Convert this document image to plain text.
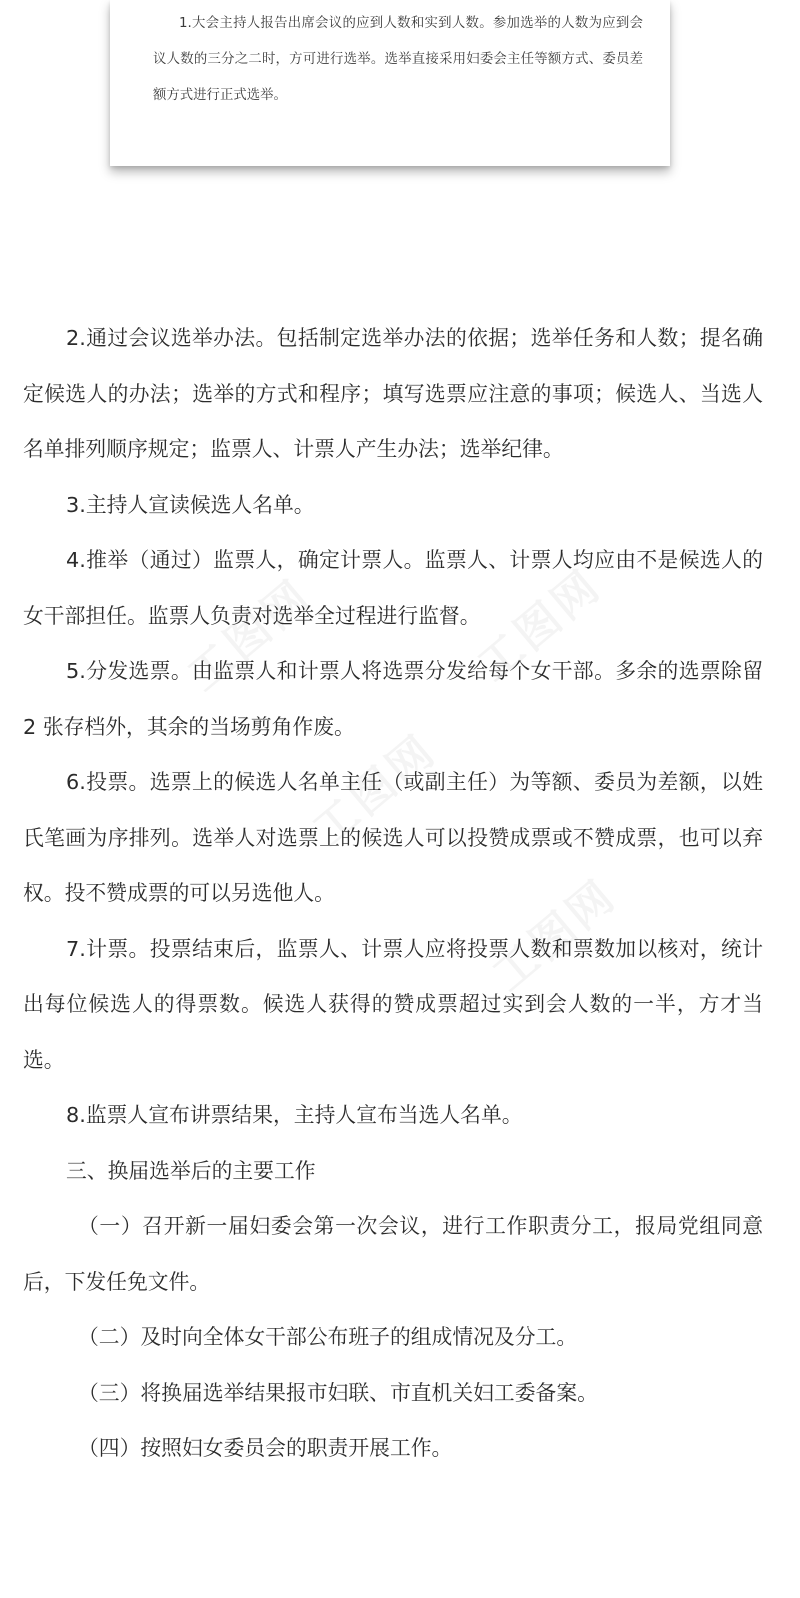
1.大会主持人报告出席会议的应到人数和实到人数。参加选举的人数为应到会议人数的三分之二时，方可进行选举。选举直接采用妇委会主任等额方式、委员差额方式进行正式选举。

2.通过会议选举办法。包括制定选举办法的依据；选举任务和人数；提名确定候选人的办法；选举的方式和程序；填写选票应注意的事项；候选人、当选人名单排列顺序规定；监票人、计票人产生办法；选举纪律。

3.主持人宣读候选人名单。

4.推举（通过）监票人，确定计票人。监票人、计票人均应由不是候选人的女干部担任。监票人负责对选举全过程进行监督。

5.分发选票。由监票人和计票人将选票分发给每个女干部。多余的选票除留2 张存档外，其余的当场剪角作废。

6.投票。选票上的候选人名单主任（或副主任）为等额、委员为差额，以姓氏笔画为序排列。选举人对选票上的候选人可以投赞成票或不赞成票，也可以弃权。投不赞成票的可以另选他人。

7.计票。投票结束后，监票人、计票人应将投票人数和票数加以核对，统计出每位候选人的得票数。候选人获得的赞成票超过实到会人数的一半，方才当选。

8.监票人宣布讲票结果，主持人宣布当选人名单。

三、换届选举后的主要工作

（一）召开新一届妇委会第一次会议，进行工作职责分工，报局党组同意后，下发任免文件。

（二）及时向全体女干部公布班子的组成情况及分工。

（三）将换届选举结果报市妇联、市直机关妇工委备案。

（四）按照妇女委员会的职责开展工作。
